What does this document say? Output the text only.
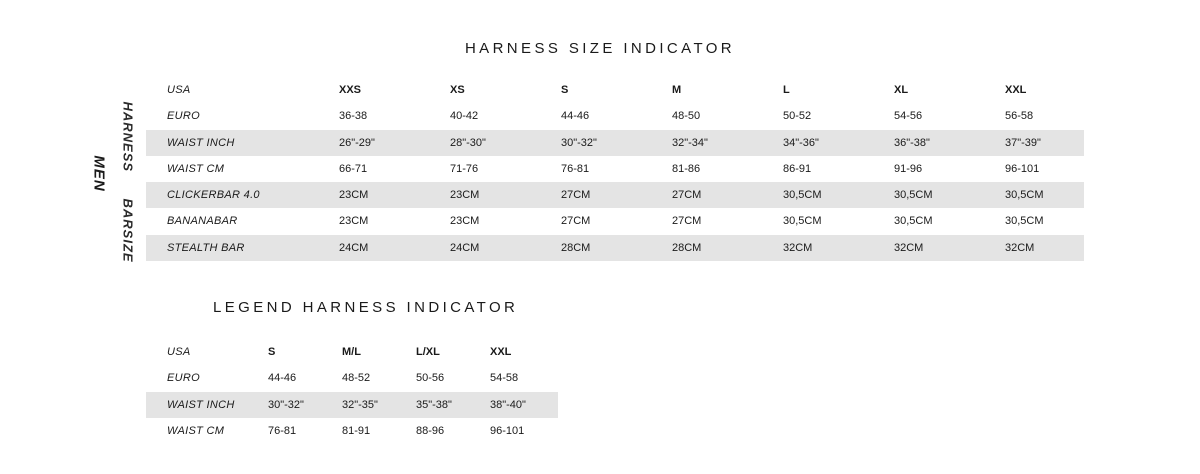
HARNESS SIZE INDICATOR
MEN
HARNESS
BARSIZE
USA	XXS	XS	S	M	L	XL	XXL
EURO	36-38	40-42	44-46	48-50	50-52	54-56	56-58
WAIST INCH	26"-29"	28"-30"	30"-32"	32"-34"	34"-36"	36"-38"	37"-39"
WAIST CM	66-71	71-76	76-81	81-86	86-91	91-96	96-101
CLICKERBAR 4.0	23CM	23CM	27CM	27CM	30,5CM	30,5CM	30,5CM
BANANABAR	23CM	23CM	27CM	27CM	30,5CM	30,5CM	30,5CM
STEALTH BAR	24CM	24CM	28CM	28CM	32CM	32CM	32CM
LEGEND HARNESS INDICATOR
USA	S	M/L	L/XL	XXL
EURO	44-46	48-52	50-56	54-58
WAIST INCH	30"-32"	32"-35"	35"-38"	38"-40"
WAIST CM	76-81	81-91	88-96	96-101
